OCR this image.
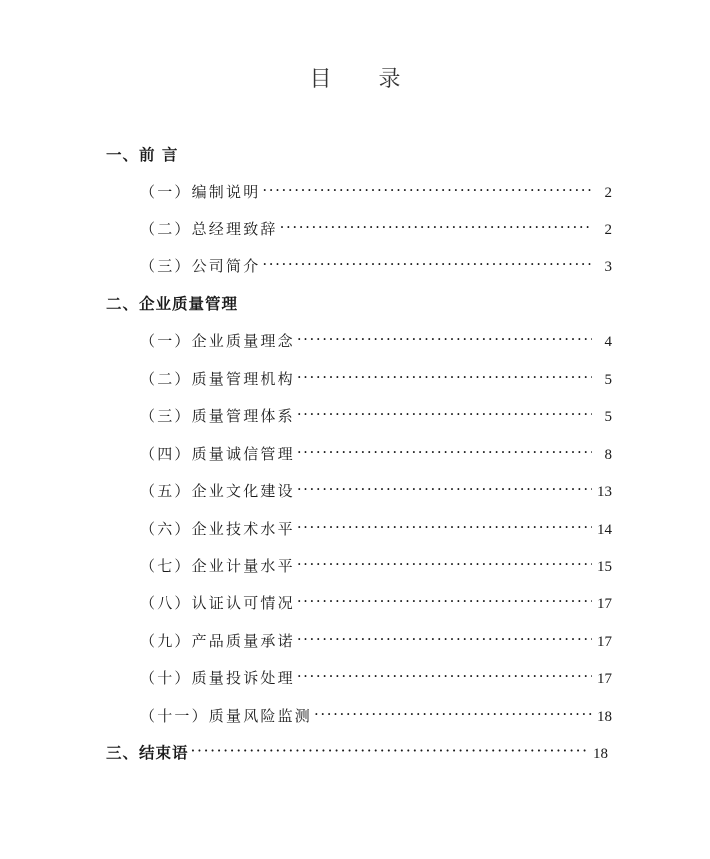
目 录
一、前 言
（一）编制说明 ·····	2
（二）总经理致辞 ·····	2
（三）公司简介 ·····	3
二、企业质量管理
（一）企业质量理念 ·····	4
（二）质量管理机构 ·····	5
（三）质量管理体系 ·····	5
（四）质量诚信管理 ·····	8
（五）企业文化建设 ·····	13
（六）企业技术水平 ·····	14
（七）企业计量水平 ·····	15
（八）认证认可情况 ·····	17
（九）产品质量承诺 ·····	17
（十）质量投诉处理 ·····	17
（十一）质量风险监测 ·····	18
三、结束语 ·····	18
